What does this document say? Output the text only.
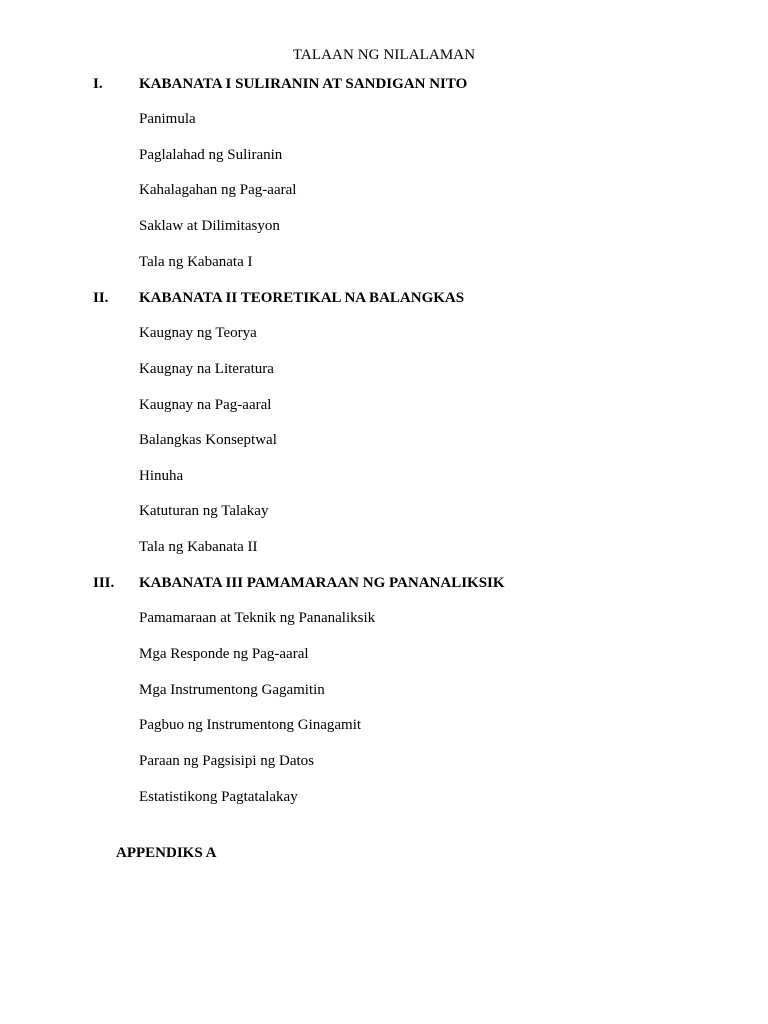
TALAAN NG NILALAMAN
I. KABANATA I SULIRANIN AT SANDIGAN NITO
Panimula
Paglalahad ng Suliranin
Kahalagahan ng Pag-aaral
Saklaw at Dilimitasyon
Tala ng Kabanata I
II. KABANATA II TEORETIKAL NA BALANGKAS
Kaugnay ng Teorya
Kaugnay na Literatura
Kaugnay na Pag-aaral
Balangkas Konseptwal
Hinuha
Katuturan ng Talakay
Tala ng Kabanata II
III. KABANATA III PAMAMARAAN NG PANANALIKSIK
Pamamaraan at Teknik ng Pananaliksik
Mga Responde ng Pag-aaral
Mga Instrumentong Gagamitin
Pagbuo ng Instrumentong Ginagamit
Paraan ng Pagsisipi ng Datos
Estatistikong Pagtatalakay
APPENDIKS A
